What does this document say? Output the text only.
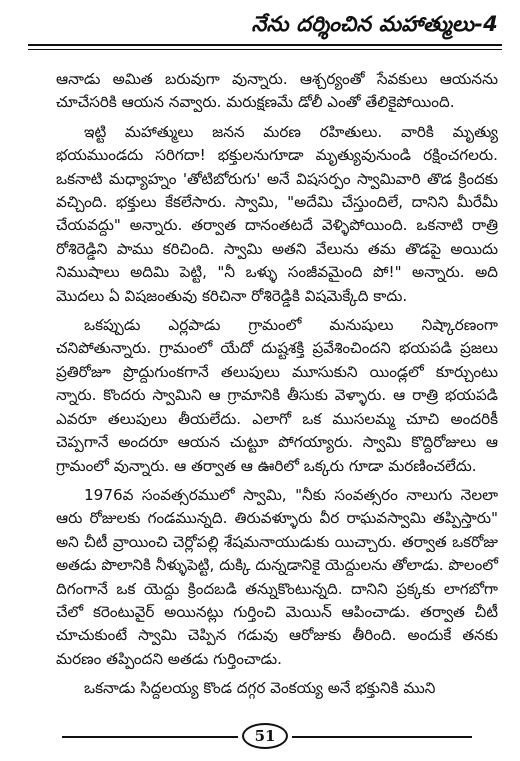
నేను దర్శించిన మహాత్ములు-4

ఆనాడు అమిత బరువుగా వున్నారు. ఆశ్చర్యంతో సేవకులు ఆయనను చూచేసరికి ఆయన నవ్వారు. మరుక్షణమే డోలీ ఎంతో తేలికైపోయింది.

ఇట్టి మహాత్ములు జనన మరణ రహితులు. వారికి మృత్యు భయముండదు సరిగదా! భక్తులనుగూడా మృత్యువునుండి రక్షించగలరు. ఒకనాటి మధ్యాహ్నం 'తోటిబోరుగు' అనే విషసర్పం స్వామివారి తొడ క్రిందకు వచ్చింది. భక్తులు కేకలేసారు. స్వామి, "అదేమి చేస్తుందిలే, దానిని మీరేమీ చేయవద్దు" అన్నారు. తర్వాత దానంతటదే వెళ్ళిపోయింది. ఒకనాటి రాత్రి రోశిరెడ్డిని పాము కరిచింది. స్వామి అతని వేలును తమ తొడపై అయిదు నిముషాలు అదిమి పెట్టి, "నీ ఒళ్ళు సంజీవమైంది పో!" అన్నారు. అది మొదలు ఏ విషజంతువు కరిచినా రోశిరెడ్డికి విషమెక్కేది కాదు.

ఒకప్పుడు ఎర్లపాడు గ్రామంలో మనుషులు నిష్కారణంగా చనిపోతున్నారు. గ్రామంలో యేదో దుష్టశక్తి ప్రవేశించిందని భయపడి ప్రజలు ప్రతిరోజూ ప్రొద్దుగుంకగానే తలుపులు మూసుకుని యిండ్లలో కూర్చుంటు న్నారు. కొందరు స్వామిని ఆ గ్రామానికి తీసుకు వెళ్ళారు. ఆ రాత్రి భయపడి ఎవరూ తలుపులు తీయలేదు. ఎలాగో ఒక ముసలమ్మ చూచి అందరికీ చెప్పగానే అందరూ ఆయన చుట్టూ పోగయ్యారు. స్వామి కొద్దిరోజులు ఆ గ్రామంలో వున్నారు. ఆ తర్వాత ఆ ఊరిలో ఒక్కరు గూడా మరణించలేదు.

1976వ సంవత్సరములో స్వామి, "నీకు సంవత్సరం నాలుగు నెలలా ఆరు రోజులకు గండమున్నది. తిరువళ్ళూరు వీర రాఘవస్వామి తప్పిస్తారు" అని చీటీ వ్రాయించి చెర్లోపల్లి శేషమనాయుడుకు యిచ్చారు. తర్వాత ఒకరోజు అతడు పొలానికి నీళ్ళుపెట్టి, దుక్కి దున్నడానికై యెద్దులను తోలాడు. పొలంలో దిగంగానే ఒక యెద్దు క్రిందబడి తన్నుకొంటున్నది. దానిని ప్రక్కకు లాగబోగా చేలో కరెంటువైర్ అయినట్లు గుర్తించి మెయిన్ ఆపించాడు. తర్వాత చీటీ చూచుకుంటే స్వామి చెప్పిన గడువు ఆరోజుకు తీరింది. అందుకే తనకు మరణం తప్పిందని అతడు గుర్తించాడు.

ఒకనాడు సిద్దలయ్య కొండ దగ్గర వెంకయ్య అనే భక్తునికి ముని

51
